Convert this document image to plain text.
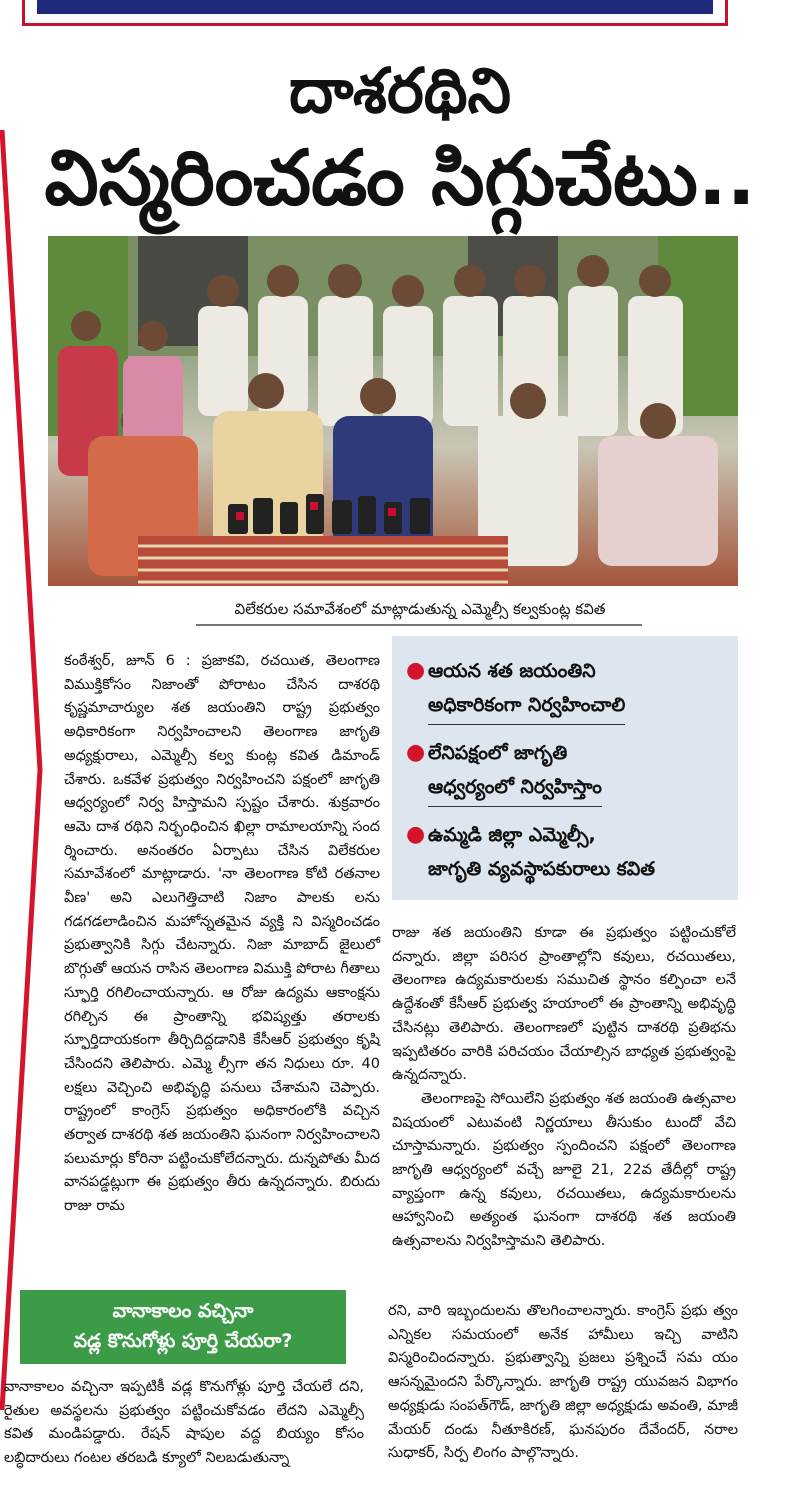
దాశరథిని
విస్మరించడం సిగ్గుచేటు..
విలేకరుల సమావేశంలో మాట్లాడుతున్న ఎమ్మెల్సీ కల్వకుంట్ల కవిత

కంఠేశ్వర్, జూన్ 6 : ప్రజాకవి, రచయిత, తెలంగాణ విముక్తికోసం నిజాంతో పోరాటం చేసిన దాశరథి కృష్ణమాచార్యుల శత జయంతిని రాష్ట్ర ప్రభుత్వం అధికారికంగా నిర్వహించాలని తెలంగాణ జాగృతి అధ్యక్షురాలు, ఎమ్మెల్సీ కల్వ కుంట్ల కవిత డిమాండ్ చేశారు. ఒకవేళ ప్రభుత్వం నిర్వహించని పక్షంలో జాగృతి ఆధ్వర్యంలో నిర్వ హిస్తామని స్పష్టం చేశారు. శుక్రవారం ఆమె దాశ రథిని నిర్బంధించిన ఖిల్లా రామాలయాన్ని సంద ర్శించారు. అనంతరం ఏర్పాటు చేసిన విలేకరుల సమావేశంలో మాట్లాడారు. 'నా తెలంగాణ కోటి రతనాల వీణ' అని ఎలుగెత్తిచాటి నిజాం పాలకు లను గడగడలాడించిన మహోన్నతమైన వ్యక్తి ని విస్మరించడం ప్రభుత్వానికి సిగ్గు చేటన్నారు. నిజా మాబాద్ జైలులో బొగ్గుతో ఆయన రాసిన తెలంగాణ విముక్తి పోరాట గీతాలు స్ఫూర్తి రగిలించాయన్నారు. ఆ రోజు ఉద్యమ ఆకాంక్షను రగిల్చిన ఈ ప్రాంతాన్ని భవిష్యత్తు తరాలకు స్ఫూర్తిదాయకంగా తీర్చిదిద్దడానికి కేసీఆర్ ప్రభుత్వం కృషి చేసిందని తెలిపారు. ఎమ్మె ల్సీగా తన నిధులు రూ. 40 లక్షలు వెచ్చించి అభివృద్ధి పనులు చేశామని చెప్పారు. రాష్ట్రంలో కాంగ్రెస్ ప్రభుత్వం అధికారంలోకి వచ్చిన తర్వాత దాశరథి శత జయంతిని ఘనంగా నిర్వహించాలని పలుమార్లు కోరినా పట్టించుకోలేదన్నారు. దున్నపోతు మీద వానపడ్డట్లుగా ఈ ప్రభుత్వం తీరు ఉన్నదన్నారు. బిరుదు రాజు రామ

● ఆయన శత జయంతిని
అధికారికంగా నిర్వహించాలి
● లేనిపక్షంలో జాగృతి
ఆధ్వర్యంలో నిర్వహిస్తాం
● ఉమ్మడి జిల్లా ఎమ్మెల్సీ,
జాగృతి వ్యవస్థాపకురాలు కవిత

రాజు శత జయంతిని కూడా ఈ ప్రభుత్వం పట్టించుకోలే దన్నారు. జిల్లా పరిసర ప్రాంతాల్లోని కవులు, రచయితలు, తెలంగాణ ఉద్యమకారులకు సముచిత స్థానం కల్పించా లనే ఉద్దేశంతో కేసీఆర్ ప్రభుత్వ హయాంలో ఈ ప్రాంతాన్ని అభివృద్ధి చేసినట్లు తెలిపారు. తెలంగాణలో పుట్టిన దాశరథి ప్రతిభను ఇప్పటితరం వారికి పరిచయం చేయాల్సిన బాధ్యత ప్రభుత్వంపై ఉన్నదన్నారు.

తెలంగాణపై సోయిలేని ప్రభుత్వం శత జయంతి ఉత్సవాల విషయంలో ఎటువంటి నిర్ణయాలు తీసుకుం టుందో వేచి చూస్తామన్నారు. ప్రభుత్వం స్పందించని పక్షంలో తెలంగాణ జాగృతి ఆధ్వర్యంలో వచ్చే జూలై 21, 22వ తేదీల్లో రాష్ట్ర వ్యాప్తంగా ఉన్న కవులు, రచయితలు, ఉద్యమకారులను ఆహ్వానించి అత్యంత ఘనంగా దాశరథి శత జయంతి ఉత్సవాలను నిర్వహిస్తామని తెలిపారు.

వానాకాలం వచ్చినా
వడ్ల కొనుగోళ్లు పూర్తి చేయరా?

వానాకాలం వచ్చినా ఇప్పటికీ వడ్ల కొనుగోళ్లు పూర్తి చేయలే దని, రైతుల అవస్థలను ప్రభుత్వం పట్టించుకోవడం లేదని ఎమ్మెల్సీ కవిత మండిపడ్డారు. రేషన్ షాపుల వద్ద బియ్యం కోసం లబ్ధిదారులు గంటల తరబడి క్యూలో నిలబడుతున్నా

రని, వారి ఇబ్బందులను తొలగించాలన్నారు. కాంగ్రెస్ ప్రభు త్వం ఎన్నికల సమయంలో అనేక హామీలు ఇచ్చి వాటిని విస్మరించిందన్నారు. ప్రభుత్వాన్ని ప్రజలు ప్రశ్నించే సమ యం ఆసన్నమైందని పేర్కొన్నారు. జాగృతి రాష్ట్ర యువజన విభాగం అధ్యక్షుడు సంపత్‌గౌడ్, జాగృతి జిల్లా అధ్యక్షుడు అవంతి, మాజీ మేయర్ దండు నీతూకిరణ్, ఘనపురం దేవేందర్, నరాల సుధాకర్, సిర్ప లింగం పాల్గొన్నారు.
